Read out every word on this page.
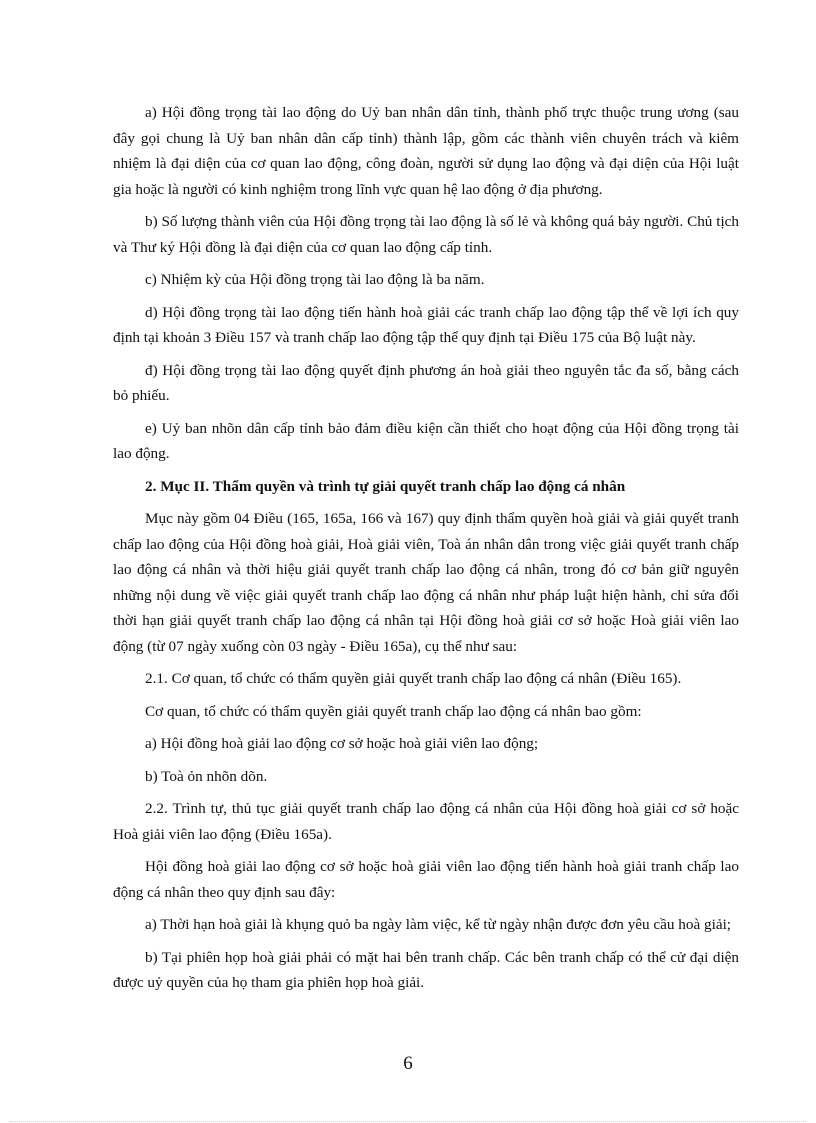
a) Hội đồng trọng tài lao động do Uỷ ban nhân dân tỉnh, thành phố trực thuộc trung ương (sau đây gọi chung là Uỷ ban nhân dân cấp tỉnh) thành lập, gồm các thành viên chuyên trách và kiêm nhiệm là đại diện của cơ quan lao động, công đoàn, người sử dụng lao động và đại diện của Hội luật gia hoặc là người có kinh nghiệm trong lĩnh vực quan hệ lao động ở địa phương.

b) Số lượng thành viên của Hội đồng trọng tài lao động là số lẻ và không quá bảy người. Chủ tịch và Thư ký Hội đồng là đại diện của cơ quan lao động cấp tỉnh.

c) Nhiệm kỳ của Hội đồng trọng tài lao động là ba năm.

d) Hội đồng trọng tài lao động tiến hành hoà giải các tranh chấp lao động tập thể về lợi ích quy định tại khoản 3 Điều 157 và tranh chấp lao động tập thể quy định tại Điều 175 của Bộ luật này.

đ) Hội đồng trọng tài lao động quyết định phương án hoà giải theo nguyên tắc đa số, bằng cách bỏ phiếu.

e) Uỷ ban nhõn dân cấp tỉnh bảo đảm điều kiện cần thiết cho hoạt động của Hội đồng trọng tài lao động.

2. Mục II. Thẩm quyền và trình tự giải quyết tranh chấp lao động cá nhân

Mục này gồm 04 Điều (165, 165a, 166 và 167) quy định thẩm quyền hoà giải và giải quyết tranh chấp lao động của Hội đồng hoà giải, Hoà giải viên, Toà án nhân dân trong việc giải quyết tranh chấp lao động cá nhân và thời hiệu giải quyết tranh chấp lao động cá nhân, trong đó cơ bản giữ nguyên những nội dung về việc giải quyết tranh chấp lao động cá nhân như pháp luật hiện hành, chỉ sửa đổi thời hạn giải quyết tranh chấp lao động cá nhân tại Hội đồng hoà giải cơ sở hoặc Hoà giải viên lao động (từ 07 ngày xuống còn 03 ngày - Điều 165a), cụ thể như sau:

2.1. Cơ quan, tổ chức có thẩm quyền giải quyết tranh chấp lao động cá nhân (Điều 165).

Cơ quan, tổ chức có thẩm quyền giải quyết tranh chấp lao động cá nhân bao gồm:

a) Hội đồng hoà giải lao động cơ sở hoặc hoà giải viên lao động;

b) Toà ỏn nhõn dõn.

2.2. Trình tự, thủ tục giải quyết tranh chấp lao động cá nhân của Hội đồng hoà giải cơ sở hoặc Hoà giải viên lao động (Điều 165a).

Hội đồng hoà giải lao động cơ sở hoặc hoà giải viên lao động tiến hành hoà giải tranh chấp lao động cá nhân theo quy định sau đây:

a) Thời hạn hoà giải là khụng quỏ ba ngày làm việc, kể từ ngày nhận được đơn yêu cầu hoà giải;

b) Tại phiên họp hoà giải phải có mặt hai bên tranh chấp. Các bên tranh chấp có thể cử đại diện được uỷ quyền của họ tham gia phiên họp hoà giải.

6
